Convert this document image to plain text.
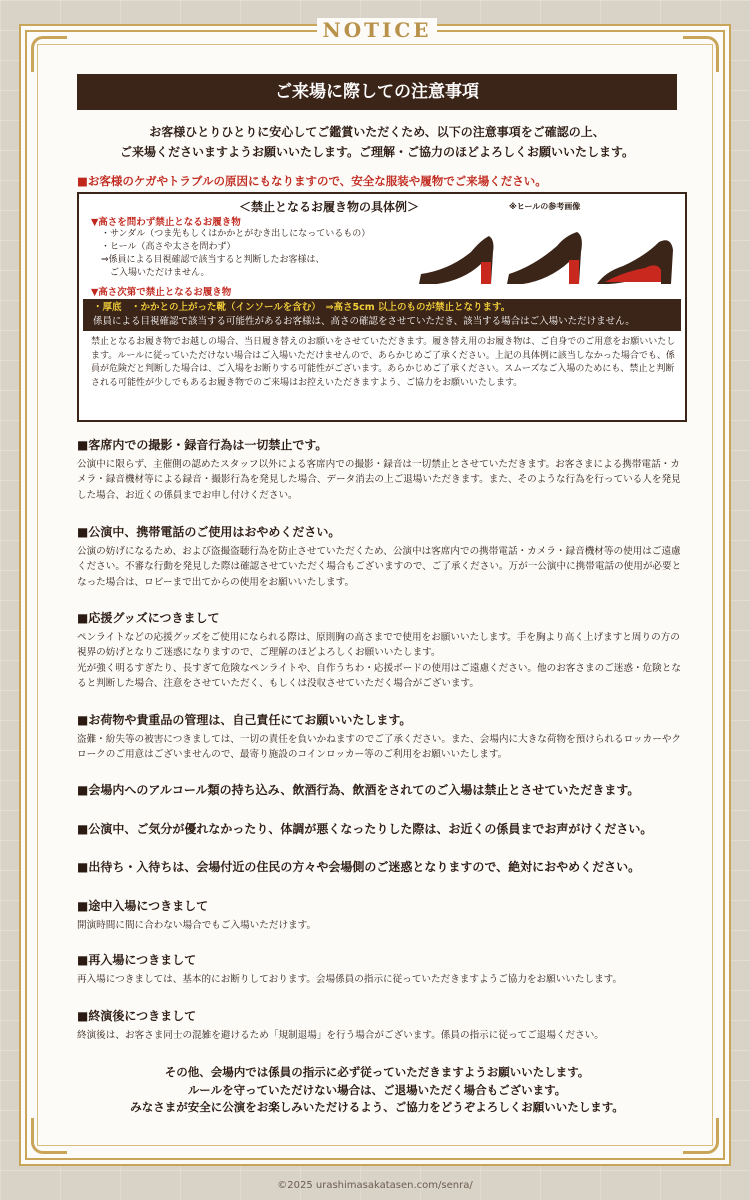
NOTICE
ご来場に際しての注意事項
お客様ひとりひとりに安心してご鑑賞いただくため、以下の注意事項をご確認の上、
ご来場くださいますようお願いいたします。ご理解・ご協力のほどよろしくお願いいたします。
■お客様のケガやトラブルの原因にもなりますので、安全な服装や履物でご来場ください。
＜禁止となるお履き物の具体例＞	※ヒールの参考画像
▼高さを問わず禁止となるお履き物
・サンダル（つま先もしくはかかとがむき出しになっているもの）
・ヒール（高さや太さを問わず）
⇒係員による目視確認で該当すると判断したお客様は、
　ご入場いただけません。
▼高さ次第で禁止となるお履き物
・厚底　・かかとの上がった靴（インソールを含む）　 ⇒高さ5cm 以上のものが禁止となります。
係員による目視確認で該当する可能性があるお客様は、高さの確認をさせていただき、該当する場合はご入場いただけません。
禁止となるお履き物でお越しの場合、当日履き替えのお願いをさせていただきます。履き替え用のお履き物は、ご自身でのご用意をお願いいたします。ルールに従っていただけない場合はご入場いただけませんので、あらかじめご了承ください。上記の具体例に該当しなかった場合でも、係員が危険だと判断した場合は、ご入場をお断りする可能性がございます。あらかじめご了承ください。スムーズなご入場のためにも、禁止と判断される可能性が少しでもあるお履き物でのご来場はお控えいただきますよう、ご協力をお願いいたします。
■客席内での撮影・録音行為は一切禁止です。

公演中に限らず、主催側の認めたスタッフ以外による客席内での撮影・録音は一切禁止とさせていただきます。お客さまによる携帯電話・カメラ・録音機材等による録音・撮影行為を発見した場合、データ消去の上ご退場いただきます。また、そのような行為を行っている人を発見した場合、お近くの係員までお申し付けください。

■公演中、携帯電話のご使用はおやめください。

公演の妨げになるため、および盗撮盗聴行為を防止させていただくため、公演中は客席内での携帯電話・カメラ・録音機材等の使用はご遠慮ください。不審な行動を発見した際は確認させていただく場合もございますので、ご了承ください。万が一公演中に携帯電話の使用が必要となった場合は、ロビーまで出てからの使用をお願いいたします。

■応援グッズにつきまして

ペンライトなどの応援グッズをご使用になられる際は、原則胸の高さまでで使用をお願いいたします。手を胸より高く上げますと周りの方の視界の妨げとなりご迷惑になりますので、ご理解のほどよろしくお願いいたします。

光が強く明るすぎたり、長すぎて危険なペンライトや、自作うちわ・応援ボードの使用はご遠慮ください。他のお客さまのご迷惑・危険となると判断した場合、注意をさせていただく、もしくは没収させていただく場合がございます。

■お荷物や貴重品の管理は、自己責任にてお願いいたします。

盗難・紛失等の被害につきましては、一切の責任を負いかねますのでご了承ください。また、会場内に大きな荷物を預けられるロッカーやクロークのご用意はございませんので、最寄り施設のコインロッカー等のご利用をお願いいたします。

■会場内へのアルコール類の持ち込み、飲酒行為、飲酒をされてのご入場は禁止とさせていただきます。
■公演中、ご気分が優れなかったり、体調が悪くなったりした際は、お近くの係員までお声がけください。
■出待ち・入待ちは、会場付近の住民の方々や会場側のご迷惑となりますので、絶対におやめください。
■途中入場につきまして

開演時間に間に合わない場合でもご入場いただけます。

■再入場につきまして

再入場につきましては、基本的にお断りしております。会場係員の指示に従っていただきますようご協力をお願いいたします。

■終演後につきまして

終演後は、お客さま同士の混雑を避けるため「規制退場」を行う場合がございます。係員の指示に従ってご退場ください。

その他、会場内では係員の指示に必ず従っていただきますようお願いいたします。
ルールを守っていただけない場合は、ご退場いただく場合もございます。
みなさまが安全に公演をお楽しみいただけるよう、ご協力をどうぞよろしくお願いいたします。
©2025 urashimasakatasen.com/senra/
